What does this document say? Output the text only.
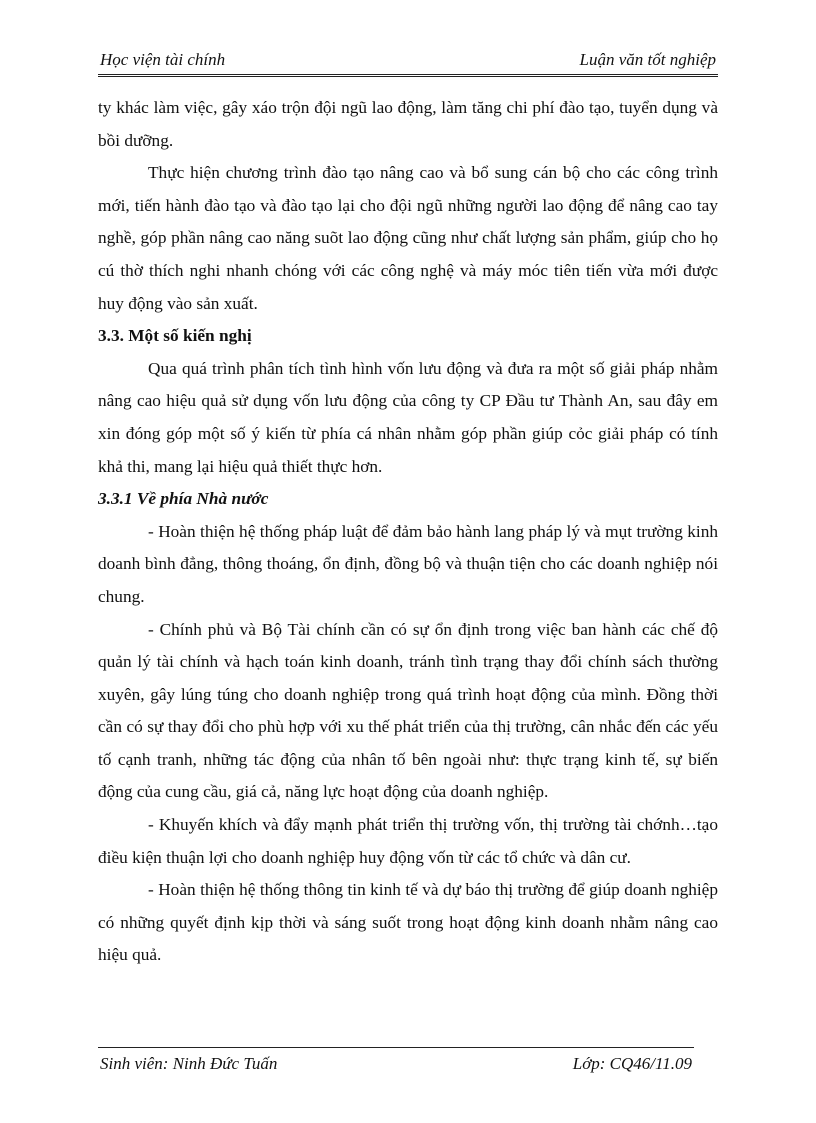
Học viện tài chính	Luận văn tốt nghiệp

ty khác làm việc, gây xáo trộn đội ngũ lao động, làm tăng chi phí đào tạo, tuyển dụng và bồi dưỡng.

Thực hiện chương trình đào tạo nâng cao và bổ sung cán bộ cho các công trình mới, tiến hành đào tạo và đào tạo lại cho đội ngũ những người lao động để nâng cao tay nghề, góp phần nâng cao năng suõt lao động cũng như chất lượng sản phẩm, giúp cho họ cú thờ thích nghi nhanh chóng với các công nghệ và máy móc tiên tiến vừa mới được huy động vào sản xuất.

3.3. Một số kiến nghị

Qua quá trình phân tích tình hình vốn lưu động và đưa ra một số giải pháp nhằm nâng cao hiệu quả sử dụng vốn lưu động của công ty CP Đầu tư Thành An, sau đây em xin đóng góp một số ý kiến từ phía cá nhân nhằm góp phần giúp cỏc giải pháp có tính khả thi, mang lại hiệu quả thiết thực hơn.

3.3.1 Về phía Nhà nước

- Hoàn thiện hệ thống pháp luật để đảm bảo hành lang pháp lý và mụt trường kinh doanh bình đẳng, thông thoáng, ổn định, đồng bộ và thuận tiện cho các doanh nghiệp nói chung.

- Chính phủ và Bộ Tài chính cần có sự ổn định trong việc ban hành các chế độ quản lý tài chính và hạch toán kinh doanh, tránh tình trạng thay đổi chính sách thường xuyên, gây lúng túng cho doanh nghiệp trong quá trình hoạt động của mình. Đồng thời cần có sự thay đổi cho phù hợp với xu thế phát triển của thị trường, cân nhắc đến các yếu tố cạnh tranh, những tác động của nhân tố bên ngoài như: thực trạng kinh tế, sự biến động của cung cầu, giá cả, năng lực hoạt động của doanh nghiệp.

- Khuyến khích và đẩy mạnh phát triển thị trường vốn, thị trường tài chớnh…tạo điều kiện thuận lợi cho doanh nghiệp huy động vốn từ các tổ chức và dân cư.

- Hoàn thiện hệ thống thông tin kinh tế và dự báo thị trường để giúp doanh nghiệp có những quyết định kịp thời và sáng suốt trong hoạt động kinh doanh nhằm nâng cao hiệu quả.

Sinh viên: Ninh Đức Tuấn	Lớp: CQ46/11.09
